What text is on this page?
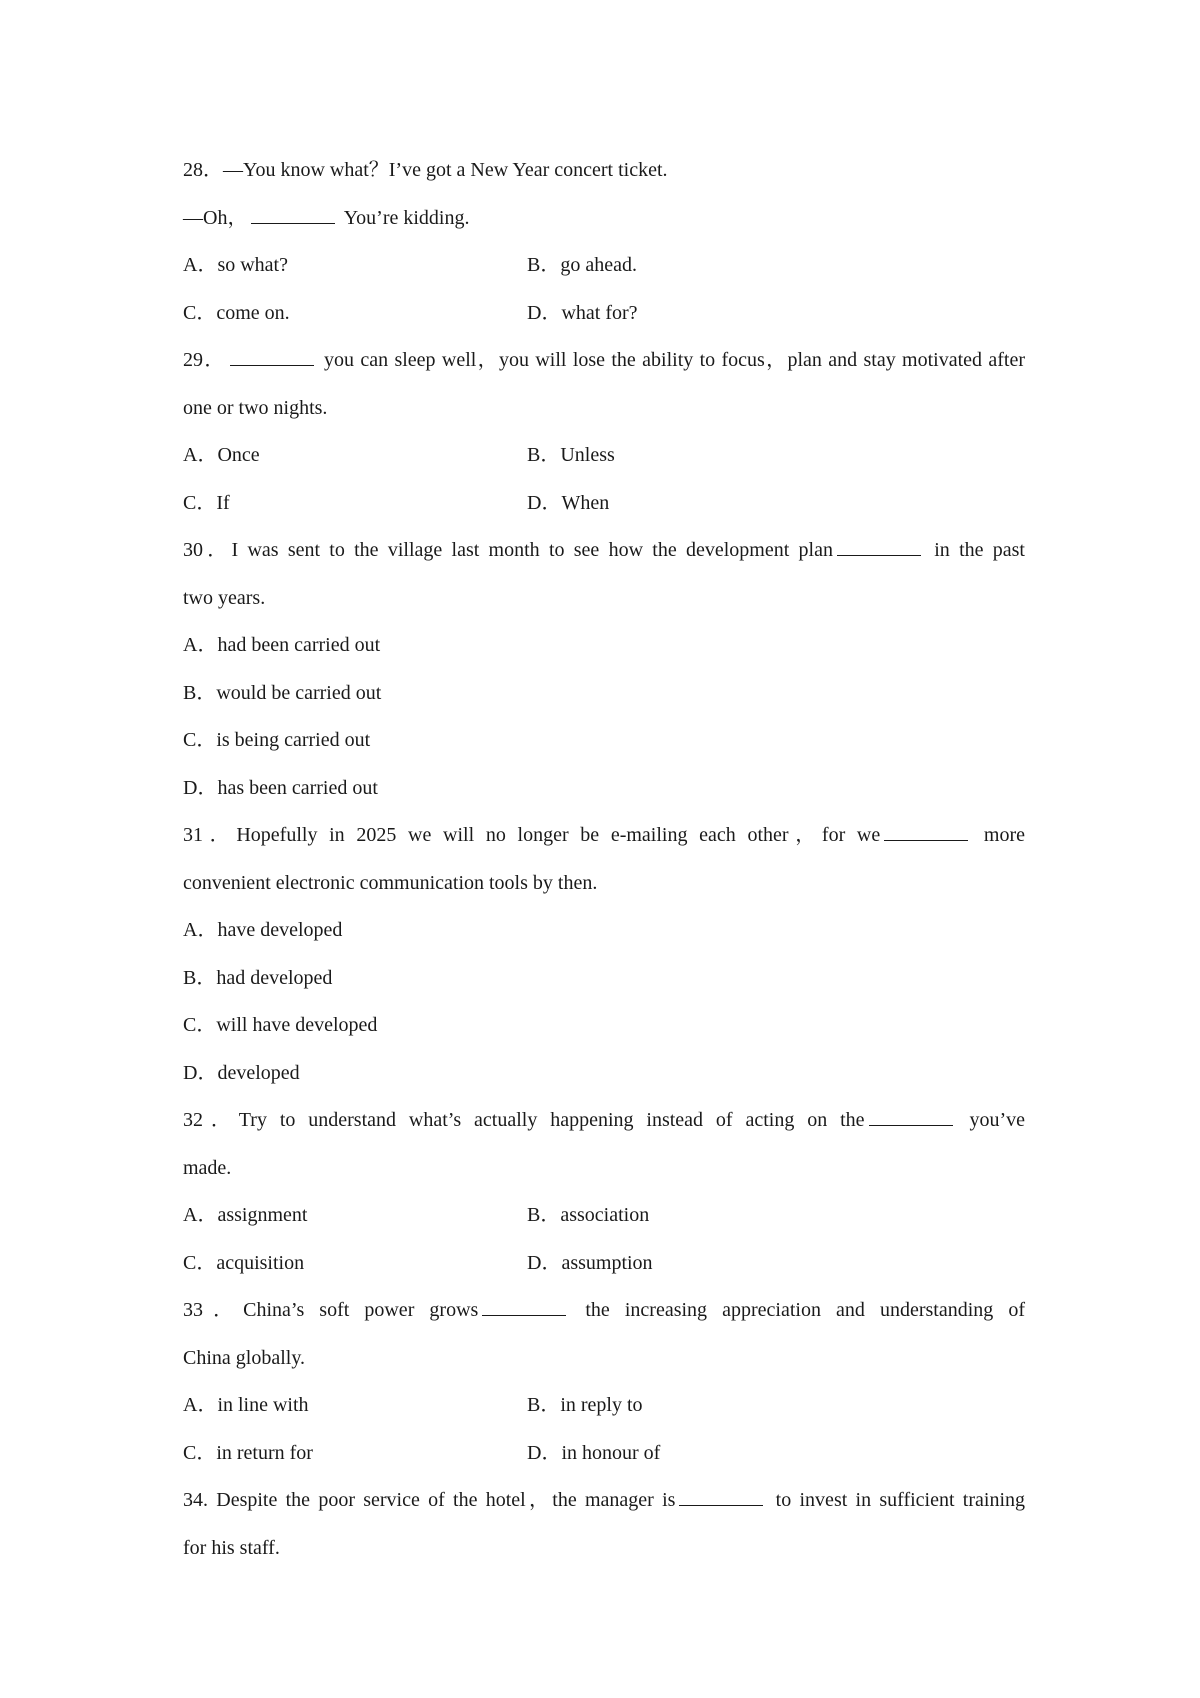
28．—You know what？I’ve got a New Year concert ticket.
—Oh，	You’re kidding.
A．so what?	B．go ahead.
C．come on.	D．what for?
29．	you can sleep well，you will lose the ability to focus，plan and stay motivated after
one or two nights.
A．Once	B．Unless
C．If	D．When
30．I was sent to the village last month to see how the development plan	in the past
two years.
A．had been carried out
B．would be carried out
C．is being carried out
D．has been carried out
31．Hopefully in 2025 we will no longer be e-mailing each other，for we	more
convenient electronic communication tools by then.
A．have developed
B．had developed
C．will have developed
D．developed
32．Try to understand what’s actually happening instead of acting on the	you’ve
made.
A．assignment	B．association
C．acquisition	D．assumption
33．China’s soft power grows	the increasing appreciation and understanding of
China globally.
A．in line with	B．in reply to
C．in return for	D．in honour of
34. Despite the poor service of the hotel，the manager is	to invest in sufficient training
for his staff.
